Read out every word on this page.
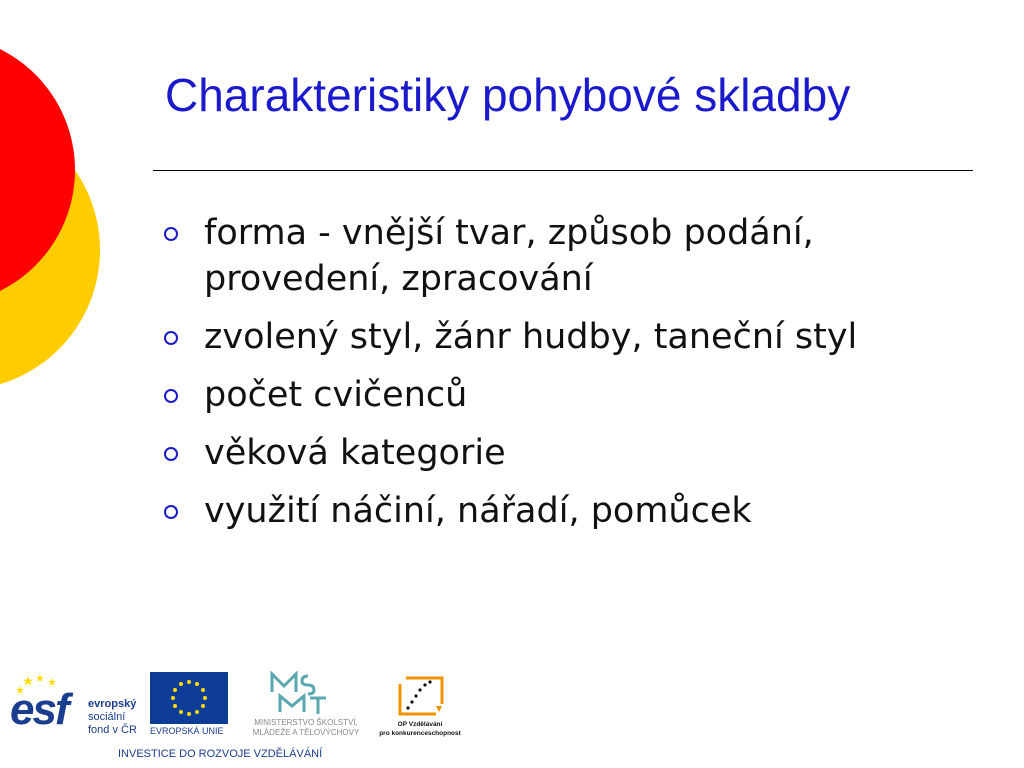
Charakteristiky pohybové skladby
forma - vnější tvar, způsob podání, provedení, zpracování
zvolený styl, žánr hudby, taneční styl
počet cvičenců
věková kategorie
využití náčiní, nářadí, pomůcek
esf evropský
sociální
fond v ČR EVROPSKÁ UNIE
MINISTERSTVO ŠKOLSTVÍ,
MLÁDEŽE A TĚLOVÝCHOVY
OP Vzdělávání
pro konkurenceschopnost
INVESTICE DO ROZVOJE VZDĚLÁVÁNÍ
